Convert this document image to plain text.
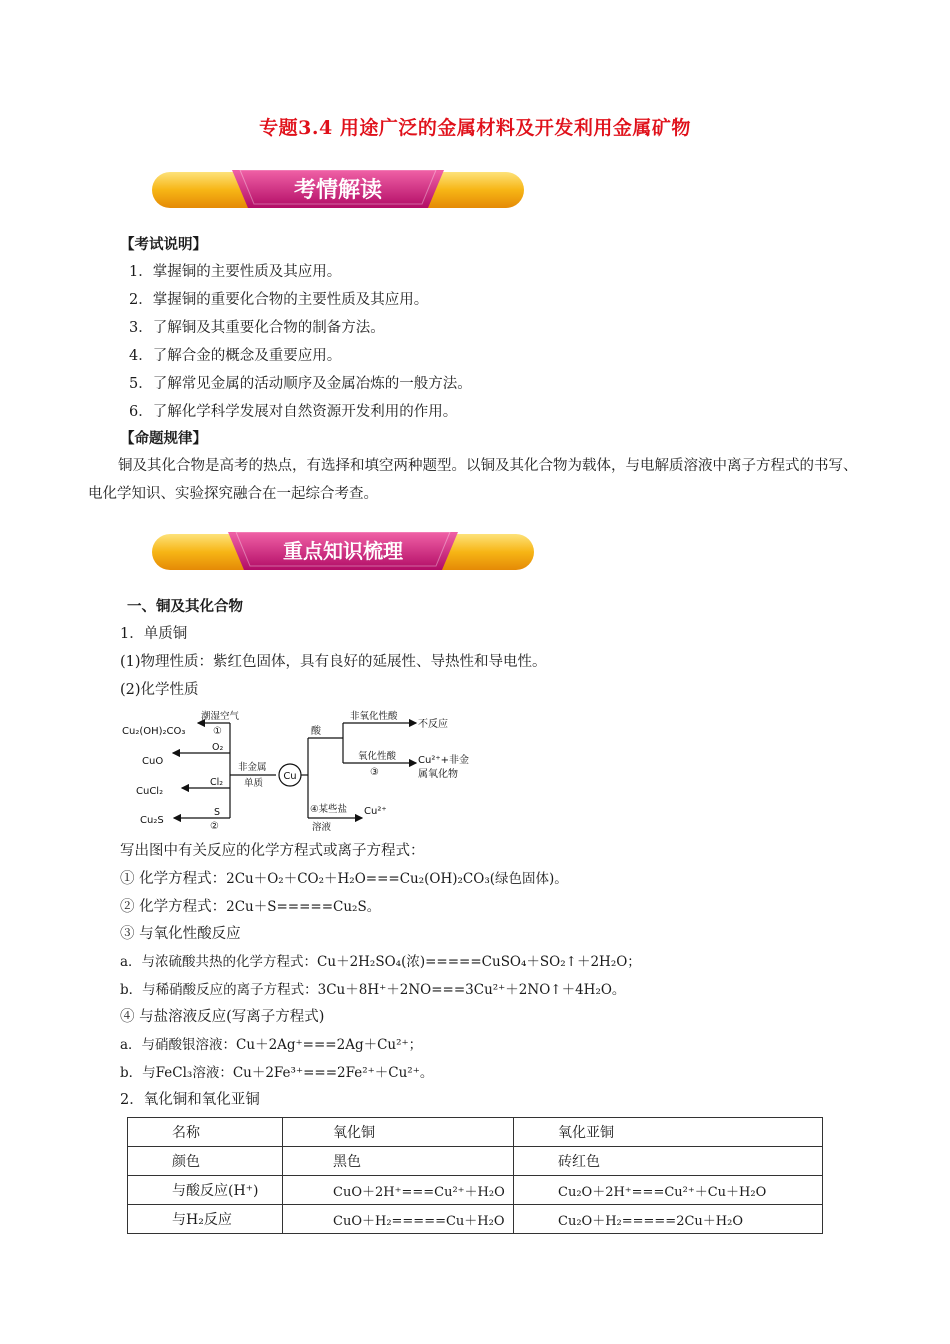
专题3.4 用途广泛的金属材料及开发利用金属矿物
考情解读
【考试说明】
1．掌握铜的主要性质及其应用。
2．掌握铜的重要化合物的主要性质及其应用。
3．了解铜及其重要化合物的制备方法。
4．了解合金的概念及重要应用。
5．了解常见金属的活动顺序及金属冶炼的一般方法。
6．了解化学科学发展对自然资源开发利用的作用。
【命题规律】
铜及其化合物是高考的热点，有选择和填空两种题型。以铜及其化合物为载体，与电解质溶液中离子方程式的书写、电化学知识、实验探究融合在一起综合考查。
重点知识梳理
一、铜及其化合物
1．单质铜
(1)物理性质：紫红色固体，具有良好的延展性、导热性和导电性。
(2)化学性质
Cu
Cu₂(OH)₂CO₃
CuO
CuCl₂
Cu₂S
潮湿空气
①
O₂
Cl₂
S
②
非金属
单质
酸
非氧化性酸
不反应
氧化性酸
③
Cu²⁺+非金
属氧化物
④某些盐
溶液
Cu²⁺
写出图中有关反应的化学方程式或离子方程式：
① 化学方程式：2Cu＋O₂＋CO₂＋H₂O===Cu₂(OH)₂CO₃(绿色固体)。
② 化学方程式：2Cu＋S=====Cu₂S。
③ 与氧化性酸反应
a．与浓硫酸共热的化学方程式：Cu＋2H₂SO₄(浓)=====CuSO₄＋SO₂↑＋2H₂O；
b．与稀硝酸反应的离子方程式：3Cu＋8H⁺＋2NO===3Cu²⁺＋2NO↑＋4H₂O。
④ 与盐溶液反应(写离子方程式)
a．与硝酸银溶液：Cu＋2Ag⁺===2Ag＋Cu²⁺；
b．与FeCl₃溶液：Cu＋2Fe³⁺===2Fe²⁺＋Cu²⁺。
2．氧化铜和氧化亚铜
名称	氧化铜	氧化亚铜
颜色	黑色	砖红色
与酸反应(H⁺)	CuO＋2H⁺===Cu²⁺＋H₂O	Cu₂O＋2H⁺===Cu²⁺＋Cu＋H₂O
与H₂反应	CuO＋H₂=====Cu＋H₂O	Cu₂O＋H₂=====2Cu＋H₂O
